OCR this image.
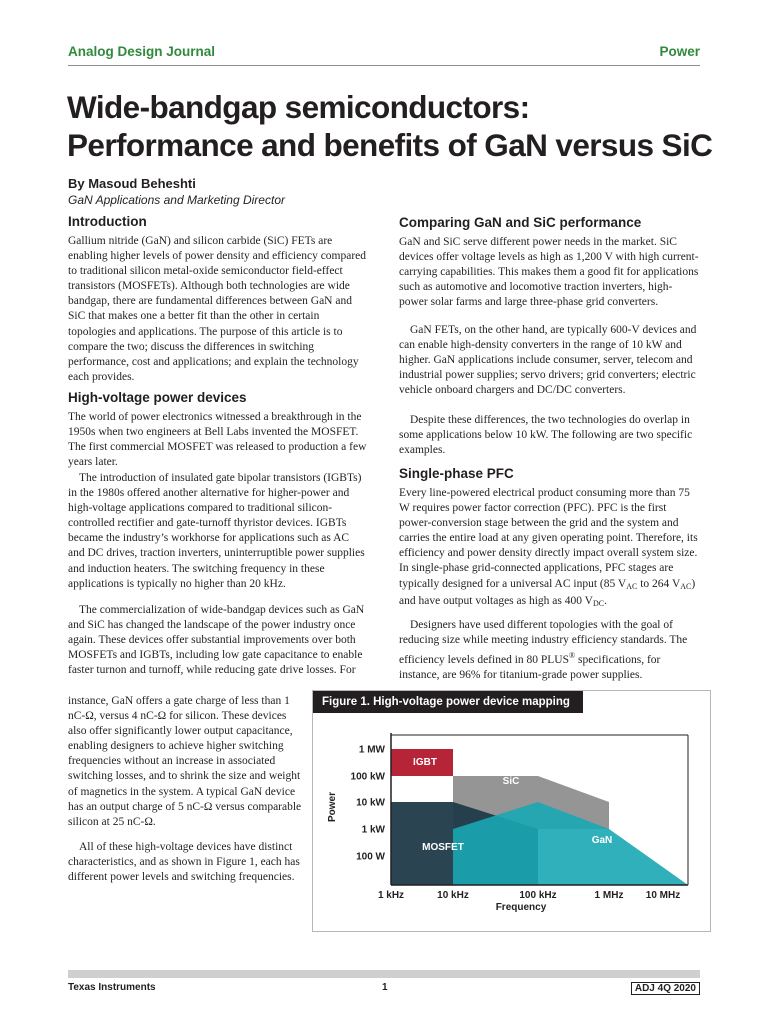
Analog Design Journal	Power
Wide-bandgap semiconductors: Performance and benefits of GaN versus SiC
By Masoud Beheshti
GaN Applications and Marketing Director
Introduction

Gallium nitride (GaN) and silicon carbide (SiC) FETs are enabling higher levels of power density and efficiency compared to traditional silicon metal-oxide semiconductor field-effect transistors (MOSFETs). Although both technologies are wide bandgap, there are fundamental differences between GaN and SiC that makes one a better fit than the other in certain topologies and applications. The purpose of this article is to compare the two; discuss the differences in switching performance, cost and applications; and explain the technology each provides.

High-voltage power devices

The world of power electronics witnessed a breakthrough in the 1950s when two engineers at Bell Labs invented the MOSFET. The first commercial MOSFET was released to production a few years later.

The introduction of insulated gate bipolar transistors (IGBTs) in the 1980s offered another alternative for higher-power and high-voltage applications compared to traditional silicon-controlled rectifier and gate-turnoff thyristor devices. IGBTs became the industry’s workhorse for applications such as AC and DC drives, traction inverters, uninterruptible power supplies and induction heaters. The switching frequency in these applications is typically no higher than 20 kHz.

The commercialization of wide-bandgap devices such as GaN and SiC has changed the landscape of the power industry once again. These devices offer substantial improvements over both MOSFETs and IGBTs, including low gate capacitance to enable faster turnon and turnoff, while reducing gate drive losses. For

instance, GaN offers a gate charge of less than 1 nC-Ω, versus 4 nC-Ω for silicon. These devices also offer significantly lower output capacitance, enabling designers to achieve higher switching frequencies without an increase in associated switching losses, and to shrink the size and weight of magnetics in the system. A typical GaN device has an output charge of 5 nC-Ω versus comparable silicon at 25 nC-Ω.

All of these high-voltage devices have distinct characteristics, and as shown in Figure 1, each has different power levels and switching frequencies.

Comparing GaN and SiC performance

GaN and SiC serve different power needs in the market. SiC devices offer voltage levels as high as 1,200 V with high current-carrying capabilities. This makes them a good fit for applications such as automotive and locomotive traction inverters, high-power solar farms and large three-phase grid converters.

GaN FETs, on the other hand, are typically 600-V devices and can enable high-density converters in the range of 10 kW and higher. GaN applications include consumer, server, telecom and industrial power supplies; servo drivers; grid converters; electric vehicle onboard chargers and DC/DC converters.

Despite these differences, the two technologies do overlap in some applications below 10 kW. The following are two specific examples.

Single-phase PFC

Every line-powered electrical product consuming more than 75 W requires power factor correction (PFC). PFC is the first power-conversion stage between the grid and the system and carries the entire load at any given operating point. Therefore, its efficiency and power density directly impact overall system size. In single-phase grid-connected applications, PFC stages are typically designed for a universal AC input (85 $V_{AC}$ to 264 $V_{AC}$) and have output voltages as high as 400 $V_{DC}$.

Designers have used different topologies with the goal of reducing size while meeting industry efficiency standards. The efficiency levels defined in 80 PLUS® specifications, for instance, are 96% for titanium-grade power supplies.

Figure 1. High-voltage power device mapping
1 MW
100 kW
10 kW
1 kW
100 W
1 kHz	10 kHz	100 kHz	1 MHz 10 MHz
Frequency
Power
IGBT
SiC
MOSFET
GaN
Texas Instruments	1	ADJ 4Q 2020
